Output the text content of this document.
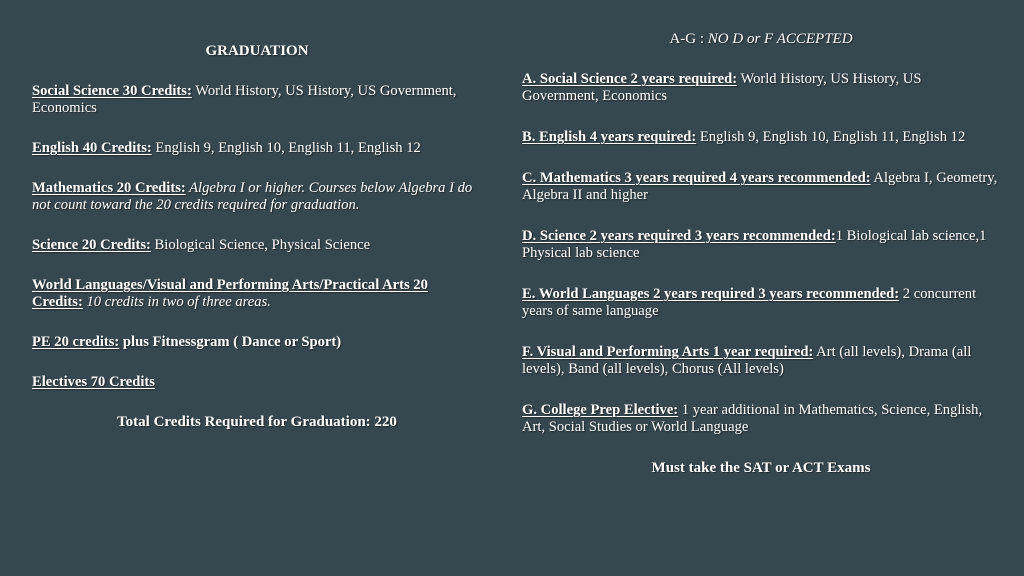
GRADUATION
Social Science 30 Credits: World History, US History, US Government, Economics
English 40 Credits: English 9, English 10, English 11, English 12
Mathematics 20 Credits: Algebra I or higher. Courses below Algebra I do not count toward the 20 credits required for graduation.
Science 20 Credits: Biological Science, Physical Science
World Languages/Visual and Performing Arts/Practical Arts 20 Credits: 10 credits in two of three areas.
PE 20 credits: plus Fitnessgram ( Dance or Sport)
Electives 70 Credits
Total Credits Required for Graduation: 220
A-G : NO D or F ACCEPTED
A. Social Science 2 years required: World History, US History, US Government, Economics
B. English 4 years required: English 9, English 10, English 11, English 12
C. Mathematics 3 years required 4 years recommended: Algebra I, Geometry, Algebra II and higher
D. Science 2 years required 3 years recommended:1 Biological lab science,1 Physical lab science
E. World Languages 2 years required 3 years recommended: 2 concurrent years of same language
F. Visual and Performing Arts 1 year required: Art (all levels), Drama (all levels), Band (all levels), Chorus (All levels)
G. College Prep Elective: 1 year additional in Mathematics, Science, English, Art, Social Studies or World Language
Must take the SAT or ACT Exams
